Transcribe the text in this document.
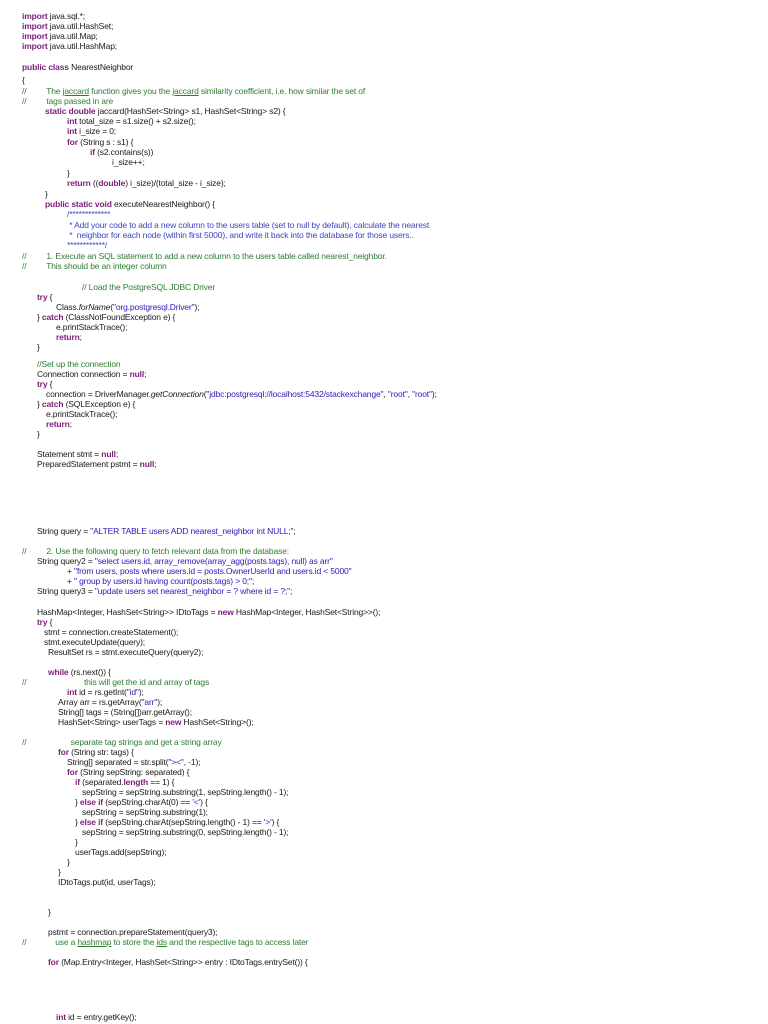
import java.sql.*;
import java.util.HashSet;
import java.util.Map;
import java.util.HashMap;
public class NearestNeighbor
{
//         The jaccard function gives you the jaccard similarity coefficient, i.e. how similar the set of
//         tags passed in are
static double jaccard(HashSet<String> s1, HashSet<String> s2) {
int total_size = s1.size() + s2.size();
int i_size = 0;
for (String s : s1) {
if (s2.contains(s))
i_size++;
}
return ((double) i_size)/(total_size - i_size);
}
public static void executeNearestNeighbor() {
/*************
* Add your code to add a new column to the users table (set to null by default), calculate the nearest
*  neighbor for each node (within first 5000), and write it back into the database for those users..
************/
//         1. Execute an SQL statement to add a new column to the users table called nearest_neighbor.
//         This should be an integer column
// Load the PostgreSQL JDBC Driver
try {
Class.forName("org.postgresql.Driver");
} catch (ClassNotFoundException e) {
e.printStackTrace();
return;
}
//Set up the connection
Connection connection = null;
try {
connection = DriverManager.getConnection("jdbc:postgresql://localhost:5432/stackexchange", "root", "root");
} catch (SQLException e) {
e.printStackTrace();
return;
}
Statement stmt = null;
PreparedStatement pstmt = null;
String query = "ALTER TABLE users ADD nearest_neighbor int NULL;";
//         2. Use the following query to fetch relevant data from the database:
String query2 = "select users.id, array_remove(array_agg(posts.tags), null) as arr"
+ "from users, posts where users.id = posts.OwnerUserId and users.id < 5000"
+ " group by users.id having count(posts.tags) > 0;";
String query3 = "update users set nearest_neighbor = ? where id = ?;";
HashMap<Integer, HashSet<String>> IDtoTags = new HashMap<Integer, HashSet<String>>();
try {
stmt = connection.createStatement();
stmt.executeUpdate(query);
ResultSet rs = stmt.executeQuery(query2);
while (rs.next()) {
//                          this will get the id and array of tags
int id = rs.getInt("id");
Array arr = rs.getArray("arr");
String[] tags = (String[])arr.getArray();
HashSet<String> userTags = new HashSet<String>();
//                    separate tag strings and get a string array
for (String str: tags) {
String[] separated = str.split("><", -1);
for (String sepString: separated) {
if (separated.length == 1) {
sepString = sepString.substring(1, sepString.length() - 1);
} else if (sepString.charAt(0) == '<') {
sepString = sepString.substring(1);
} else if (sepString.charAt(sepString.length() - 1) == '>') {
sepString = sepString.substring(0, sepString.length() - 1);
}
userTags.add(sepString);
}
}
IDtoTags.put(id, userTags);
}
pstmt = connection.prepareStatement(query3);
//             use a hashmap to store the ids and the respective tags to access later
for (Map.Entry<Integer, HashSet<String>> entry : IDtoTags.entrySet()) {
int id = entry.getKey();
